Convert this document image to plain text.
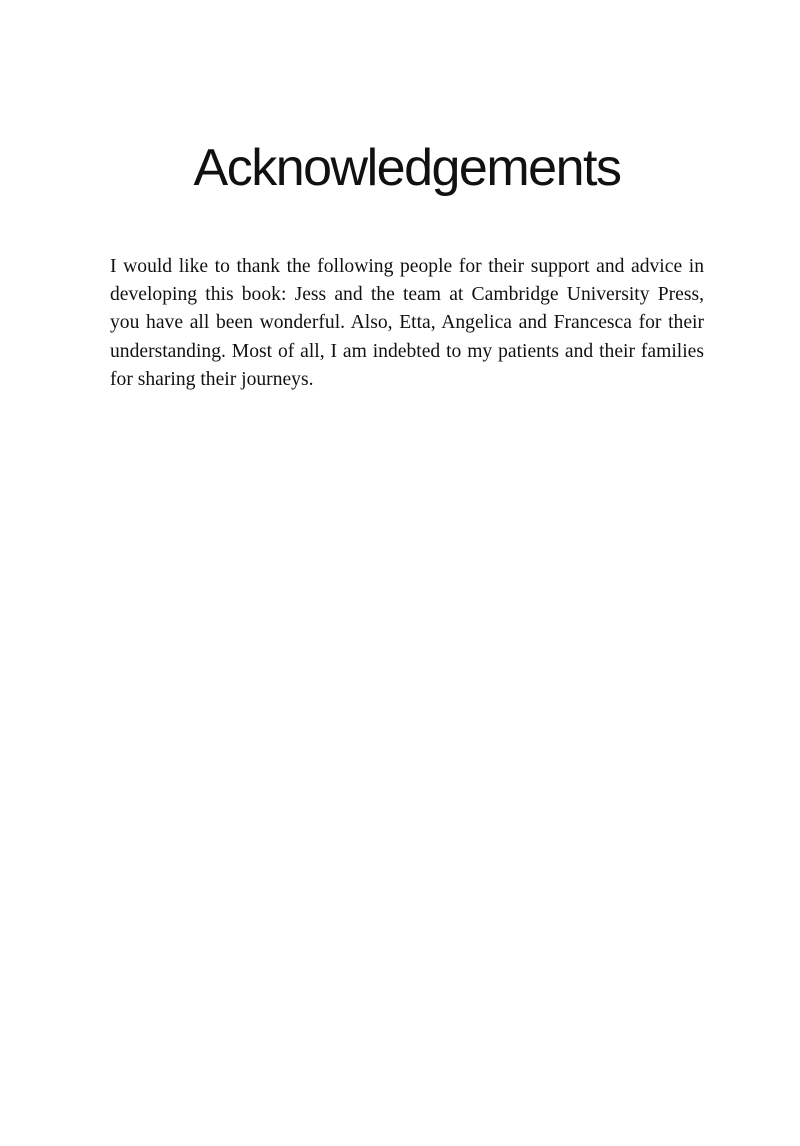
Acknowledgements

I would like to thank the following people for their support and advice in developing this book: Jess and the team at Cambridge University Press, you have all been wonderful. Also, Etta, Angelica and Francesca for their understanding. Most of all, I am indebted to my patients and their families for sharing their journeys.
